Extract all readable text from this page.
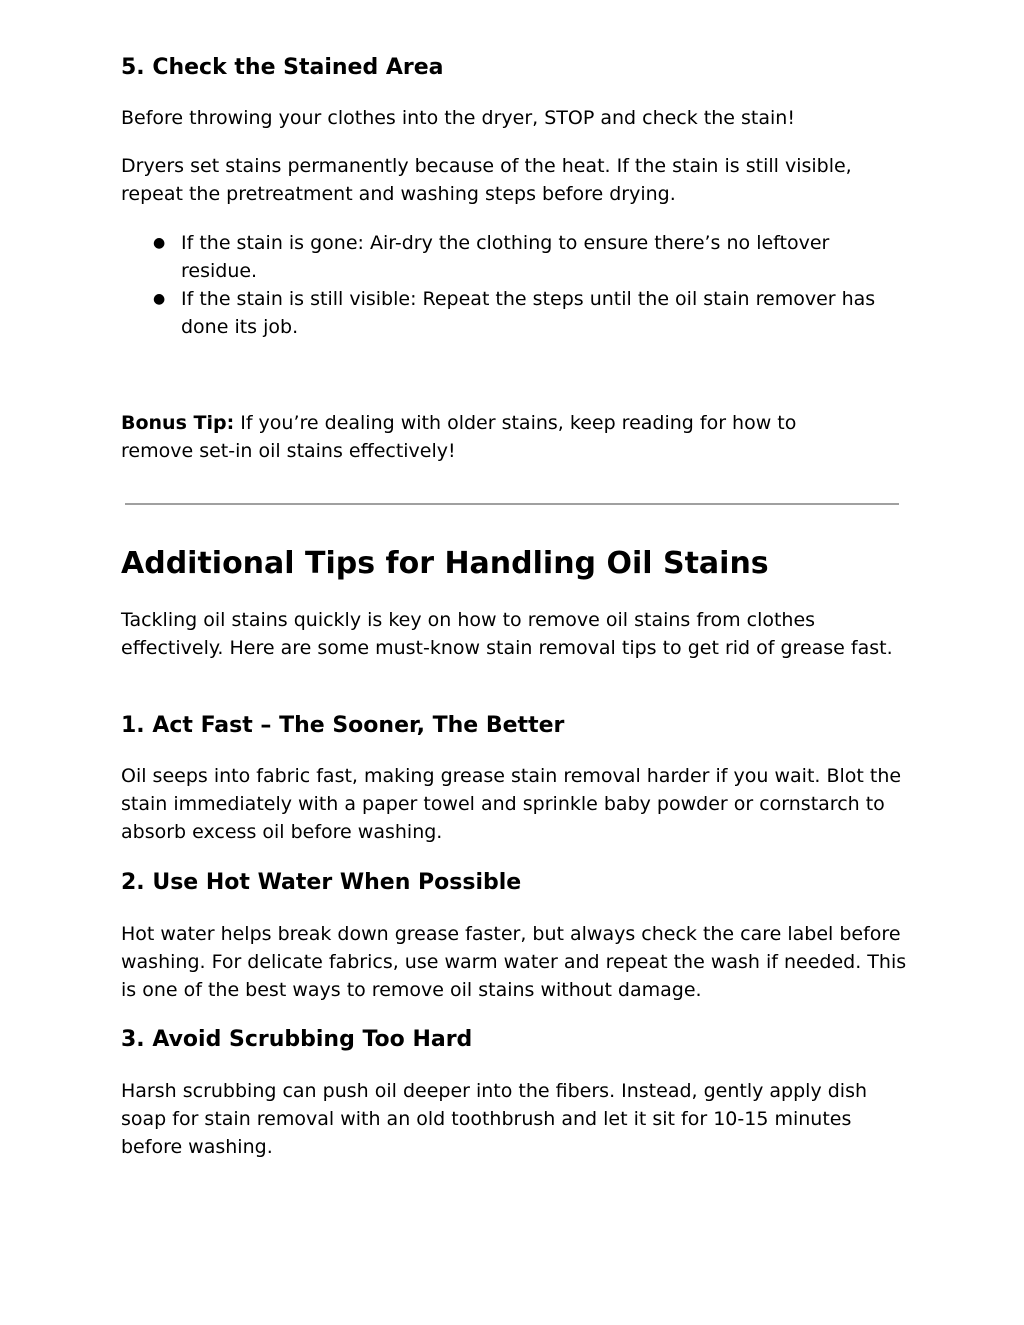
5. Check the Stained Area

Before throwing your clothes into the dryer, STOP and check the stain!

Dryers set stains permanently because of the heat. If the stain is still visible, repeat the pretreatment and washing steps before drying.

● If the stain is gone: Air-dry the clothing to ensure there’s no leftover residue.
● If the stain is still visible: Repeat the steps until the oil stain remover has done its job.

Bonus Tip: If you’re dealing with older stains, keep reading for how to remove set-in oil stains effectively!

Additional Tips for Handling Oil Stains

Tackling oil stains quickly is key on how to remove oil stains from clothes effectively. Here are some must-know stain removal tips to get rid of grease fast.

1. Act Fast – The Sooner, The Better

Oil seeps into fabric fast, making grease stain removal harder if you wait. Blot the stain immediately with a paper towel and sprinkle baby powder or cornstarch to absorb excess oil before washing.

2. Use Hot Water When Possible

Hot water helps break down grease faster, but always check the care label before washing. For delicate fabrics, use warm water and repeat the wash if needed. This is one of the best ways to remove oil stains without damage.

3. Avoid Scrubbing Too Hard

Harsh scrubbing can push oil deeper into the fibers. Instead, gently apply dish soap for stain removal with an old toothbrush and let it sit for 10-15 minutes before washing.
